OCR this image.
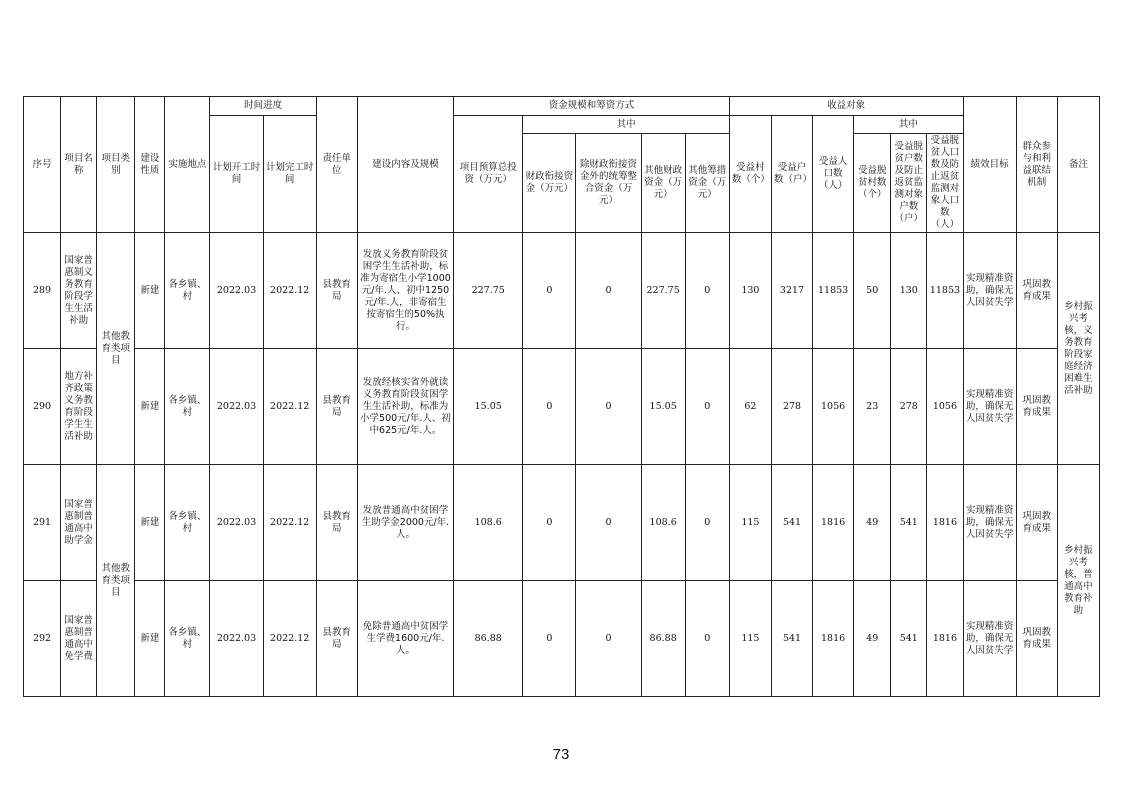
序号	项目名称	项目类别	建设性质	实施地点	时间进度		责任单位	建设内容及规模	资金规模和筹资方式					收益对象						绩效目标	群众参与和利益联结机制	备注
					计划开工时间	计划完工时间			项目预算总投资（万元）	其中				受益村数（个）	受益户数（户）	受益人口数（人）	其中					
										财政衔接资金（万元）	除财政衔接资金外的统筹整合资金（万元）	其他财政资金（万元）	其他筹措资金（万元）				受益脱贫村数（个）	受益脱贫户数及防止返贫监测对象户数（户）	受益脱贫人口数及防止返贫监测对象人口数（人）			
289	国家普惠制义务教育阶段学生生活补助	其他教育类项目	新建	各乡镇、村	2022.03	2022.12	县教育局	发放义务教育阶段贫困学生生活补助，标准为寄宿生小学1000元/年.人、初中1250元/年.人，非寄宿生按寄宿生的50%执行。	227.75	0	0	227.75	0	130	3217	11853	50	130	11853	实现精准资助，确保无人因贫失学	巩固教育成果	乡村振兴考核，义务教育阶段家庭经济困难生活补助
290	地方补齐政策义务教育阶段学生生活补助		新建	各乡镇、村	2022.03	2022.12	县教育局	发放经核实省外就读义务教育阶段贫困学生生活补助，标准为小学500元/年.人、初中625元/年.人。	15.05	0	0	15.05	0	62	278	1056	23	278	1056	实现精准资助，确保无人因贫失学	巩固教育成果	
291	国家普惠制普通高中助学金	其他教育类项目	新建	各乡镇、村	2022.03	2022.12	县教育局	发放普通高中贫困学生助学金2000元/年.人。	108.6	0	0	108.6	0	115	541	1816	49	541	1816	实现精准资助，确保无人因贫失学	巩固教育成果	乡村振兴考核，普通高中教育补助
292	国家普惠制普通高中免学费		新建	各乡镇、村	2022.03	2022.12	县教育局	免除普通高中贫困学生学费1600元/年.人。	86.88	0	0	86.88	0	115	541	1816	49	541	1816	实现精准资助，确保无人因贫失学	巩固教育成果	
73
